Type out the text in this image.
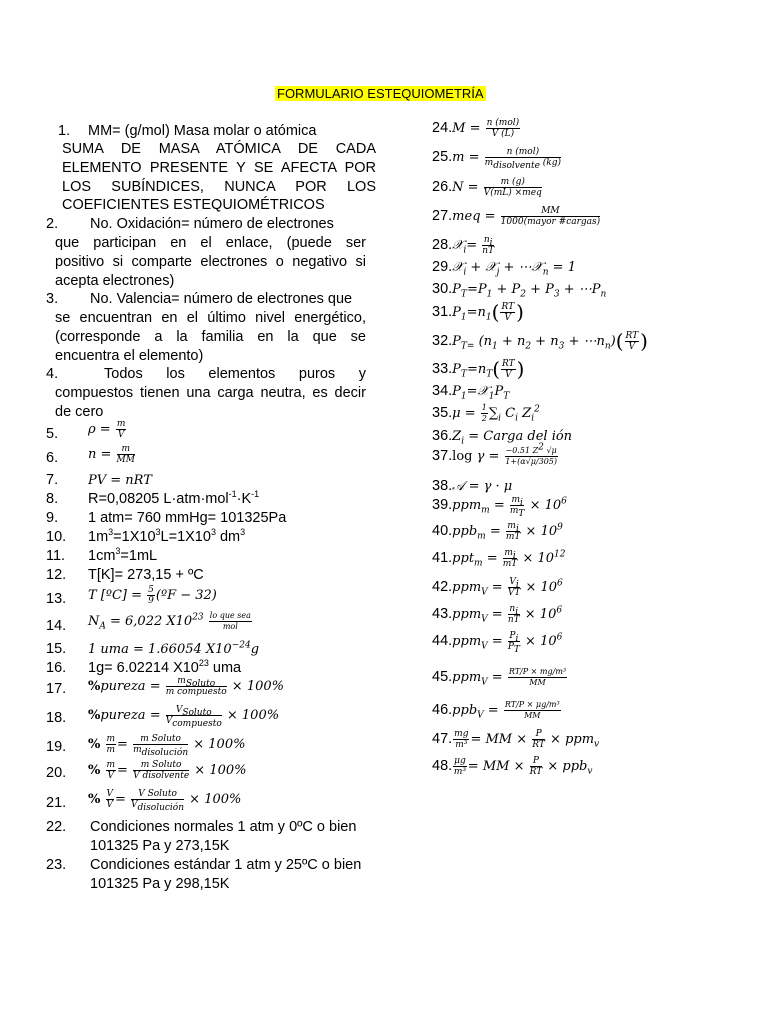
FORMULARIO ESTEQUIOMETRÍA
1. MM= (g/mol) Masa molar o atómica
SUMA DE MASA ATÓMICA DE CADA
ELEMENTO PRESENTE Y SE AFECTA POR
LOS SUBÍNDICES, NUNCA POR LOS
COEFICIENTES ESTEQUIOMÉTRICOS
2. No. Oxidación= número de electrones
que participan en el enlace, (puede ser
positivo si comparte electrones o negativo si
acepta electrones)
3. No. Valencia= número de electrones que
se encuentran en el último nivel energético,
(corresponde a la familia en la que se
encuentra el elemento)
4.	Todos los elementos puros y
compuestos tienen una carga neutra, es decir
de cero
5. $\rho = \frac{m}{V}$
6. $n = \frac{m}{MM}$
7. PV = nRT
8. R=0,08205 $L\cdot atm\cdot mol^{-1}\cdot K^{-1}$
9. 1 atm= 760 mmHg= 101325Pa
10. $1m^3=1X10^3L=1X10^3$ $dm^3$
11. $1cm^3=1mL$
12. T[K]= 273,15 + ºC
13. T [ºC] = $\frac{5}{9}$ (ºF − 32)
14. $N_A = 6,022$ $X10^{23}$ lo que sea
mol
15. 1 uma = 1.66054 $X10^{-24}g$
16. 1g= 6.02214 $X10^{23}$ uma
17. %pureza =	$m_{Soluto}$
m compuesto × 100%
18. %pureza =	$V_{Soluto}$
$V_{compuesto}$
× 100%
19. % $\frac{m}{m} = m$ Soluto
$m_{disolución}$
× 100%
20. % $\frac{m}{V} = m$ Soluto
V disolvente × 100%
21. % $\frac{V}{V} = V$ Soluto
$V_{disolución}$
× 100%
22. Condiciones normales 1 atm y 0ºC o bien
101325 Pa y 273,15K
23. Condiciones estándar 1 atm y 25ºC o bien
101325 Pa y 298,15K
24.M = n (mol)
V (L)
25.m =	n (mol)
$m_{disolvente}$ (kg)
26.N =	m (g)
V(mL) ×meq
27.meq =	MM
1000(mayor #cargas)
28.𝒳$_i$= $\frac{n_i}{nT}$
29.𝒳$_i$ + 𝒳$_j$ + ⋯𝒳$_n$ = 1
$30.P_T=P_1 + P_2 + P_3$ + $\cdots P_n$
$31.P_1=n_1( \frac{RT}{V}$ )
$32.P_{T=}$ ($n_1 + n_2 + n_3$ + $\cdots n_n)( \frac{RT}{V}$ )
$33.P_T=n_T( \frac{RT}{V}$ )
$34.P_1=𝒳_1P_T$
$35.\mu = \frac{1}{2} \sum_i$ $C_i$ $Z_i^2$
$36.Z_i$ = Carga del ión
37.log $\gamma = \frac{-0.51 Z^2 √\mu}{1+(\alpha√\mu/305)}$
38.𝒜 = γ · μ
$39.ppm_m = \frac{m_i}{m_T} \times 10^6$
$40.ppb_m = \frac{m_i}{mT} \times 10^9$
$41.ppt_m = \frac{m_i}{mT} \times 10^{12}$
$42.ppm_V = \frac{V_i}{VT} \times 10^6$
$43.ppm_V = \frac{n_i}{nT} \times 10^6$
$44.ppm_V = \frac{P_i}{P_T} \times 10^6$
$45.ppm_V = \frac{\text{RT/P × mg/m³}}{MM}$
$46.ppb_V = \frac{\text{RT/P × μg/m³}}{MM}$
47. $\frac{mg}{\text{m³}}$ = MM × $\frac{P}{RT} \times ppm_v$
48. $\frac{\mu g}{\text{m³}}$ = MM × $\frac{P}{RT} \times ppb_v$
